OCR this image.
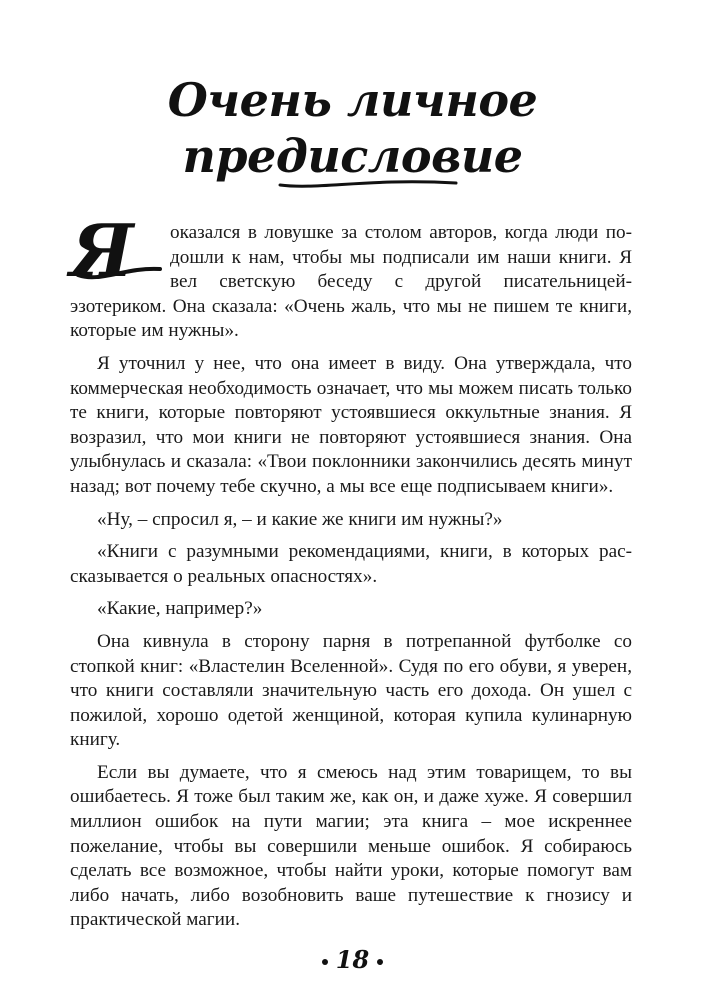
Очень личное
предисловие

Я оказался в ловушке за столом авторов, когда люди подошли к нам, чтобы мы подписали им наши книги. Я вел светскую беседу с другой писательницей-эзотериком. Она сказала: «Очень жаль, что мы не пишем те книги, которые им нужны».

Я уточнил у нее, что она имеет в виду. Она утверждала, что коммерческая необходимость означает, что мы можем писать только те книги, которые повторяют устоявшиеся оккультные знания. Я возразил, что мои книги не повторяют устоявшиеся знания. Она улыбнулась и сказала: «Твои поклонники закончились десять минут назад; вот почему тебе скучно, а мы все еще подписываем книги».

«Ну, – спросил я, – и какие же книги им нужны?»

«Книги с разумными рекомендациями, книги, в которых рассказывается о реальных опасностях».

«Какие, например?»

Она кивнула в сторону парня в потрепанной футболке со стопкой книг: «Властелин Вселенной». Судя по его обуви, я уверен, что книги составляли значительную часть его дохода. Он ушел с пожилой, хорошо одетой женщиной, которая купила кулинарную книгу.

Если вы думаете, что я смеюсь над этим товарищем, то вы ошибаетесь. Я тоже был таким же, как он, и даже хуже. Я совершил миллион ошибок на пути магии; эта книга – мое искреннее пожелание, чтобы вы совершили меньше ошибок. Я собираюсь сделать все возможное, чтобы найти уроки, которые помогут вам либо начать, либо возобновить ваше путешествие к гнозису и практической магии.

18
